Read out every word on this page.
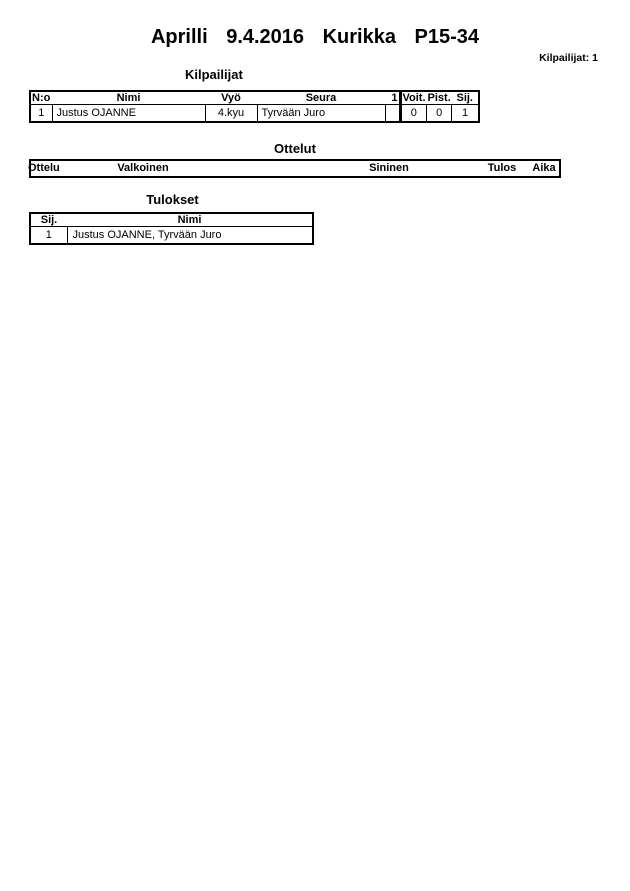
Aprilli 9.4.2016 Kurikka P15-34
Kilpailijat: 1
Kilpailijat
N:o	Nimi	Vyö	Seura	1	Voit.	Pist.	Sij.
1	Justus OJANNE	4.kyu	Tyrvään Juro		0	0	1
Ottelut
Ottelu	Valkoinen	Sininen	Tulos Aika
Tulokset
Sij.	Nimi
1	Justus OJANNE, Tyrvään Juro
